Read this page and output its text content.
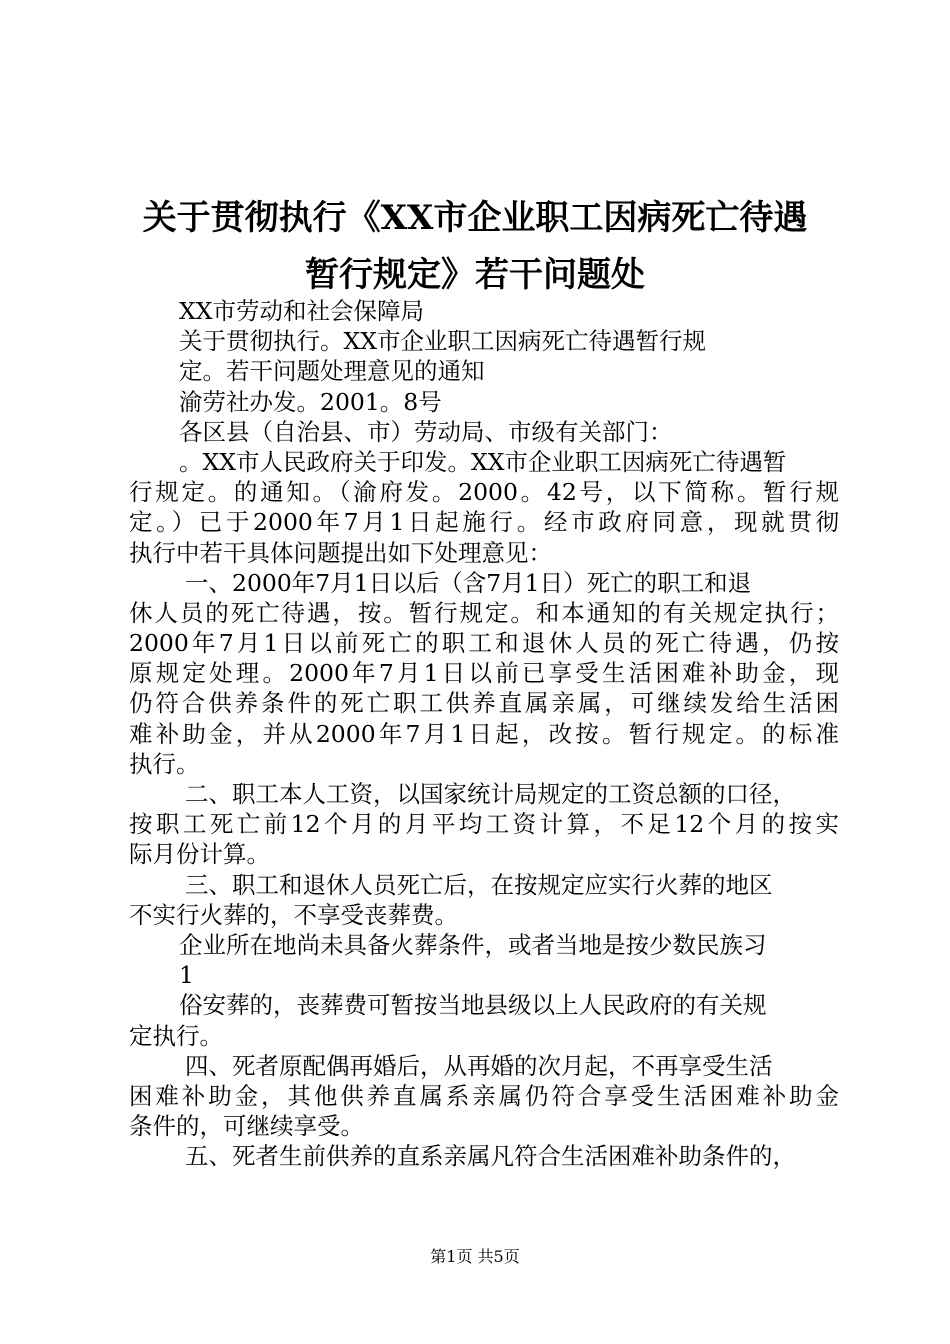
关于贯彻执行《XX市企业职工因病死亡待遇
暂行规定》若干问题处
XX市劳动和社会保障局
关于贯彻执行。XX市企业职工因病死亡待遇暂行规
定。若干问题处理意见的通知
渝劳社办发。2001。8号
各区县（自治县、市）劳动局、市级有关部门：
。XX市人民政府关于印发。XX市企业职工因病死亡待遇暂
行规定。的通知。（渝府发。2000。42号，以下简称。暂行规
定。）已于2000年7月1日起施行。经市政府同意，现就贯彻
执行中若干具体问题提出如下处理意见：
一、2000年7月1日以后（含7月1日）死亡的职工和退
休人员的死亡待遇，按。暂行规定。和本通知的有关规定执行；
2000年7月1日以前死亡的职工和退休人员的死亡待遇，仍按
原规定处理。2000年7月1日以前已享受生活困难补助金，现
仍符合供养条件的死亡职工供养直属亲属，可继续发给生活困
难补助金，并从2000年7月1日起，改按。暂行规定。的标准
执行。
二、职工本人工资，以国家统计局规定的工资总额的口径，
按职工死亡前12个月的月平均工资计算，不足12个月的按实
际月份计算。
三、职工和退休人员死亡后，在按规定应实行火葬的地区
不实行火葬的，不享受丧葬费。
企业所在地尚未具备火葬条件，或者当地是按少数民族习
1
俗安葬的，丧葬费可暂按当地县级以上人民政府的有关规
定执行。
四、死者原配偶再婚后，从再婚的次月起，不再享受生活
困难补助金，其他供养直属系亲属仍符合享受生活困难补助金
条件的，可继续享受。
五、死者生前供养的直系亲属凡符合生活困难补助条件的，
第1页 共5页
